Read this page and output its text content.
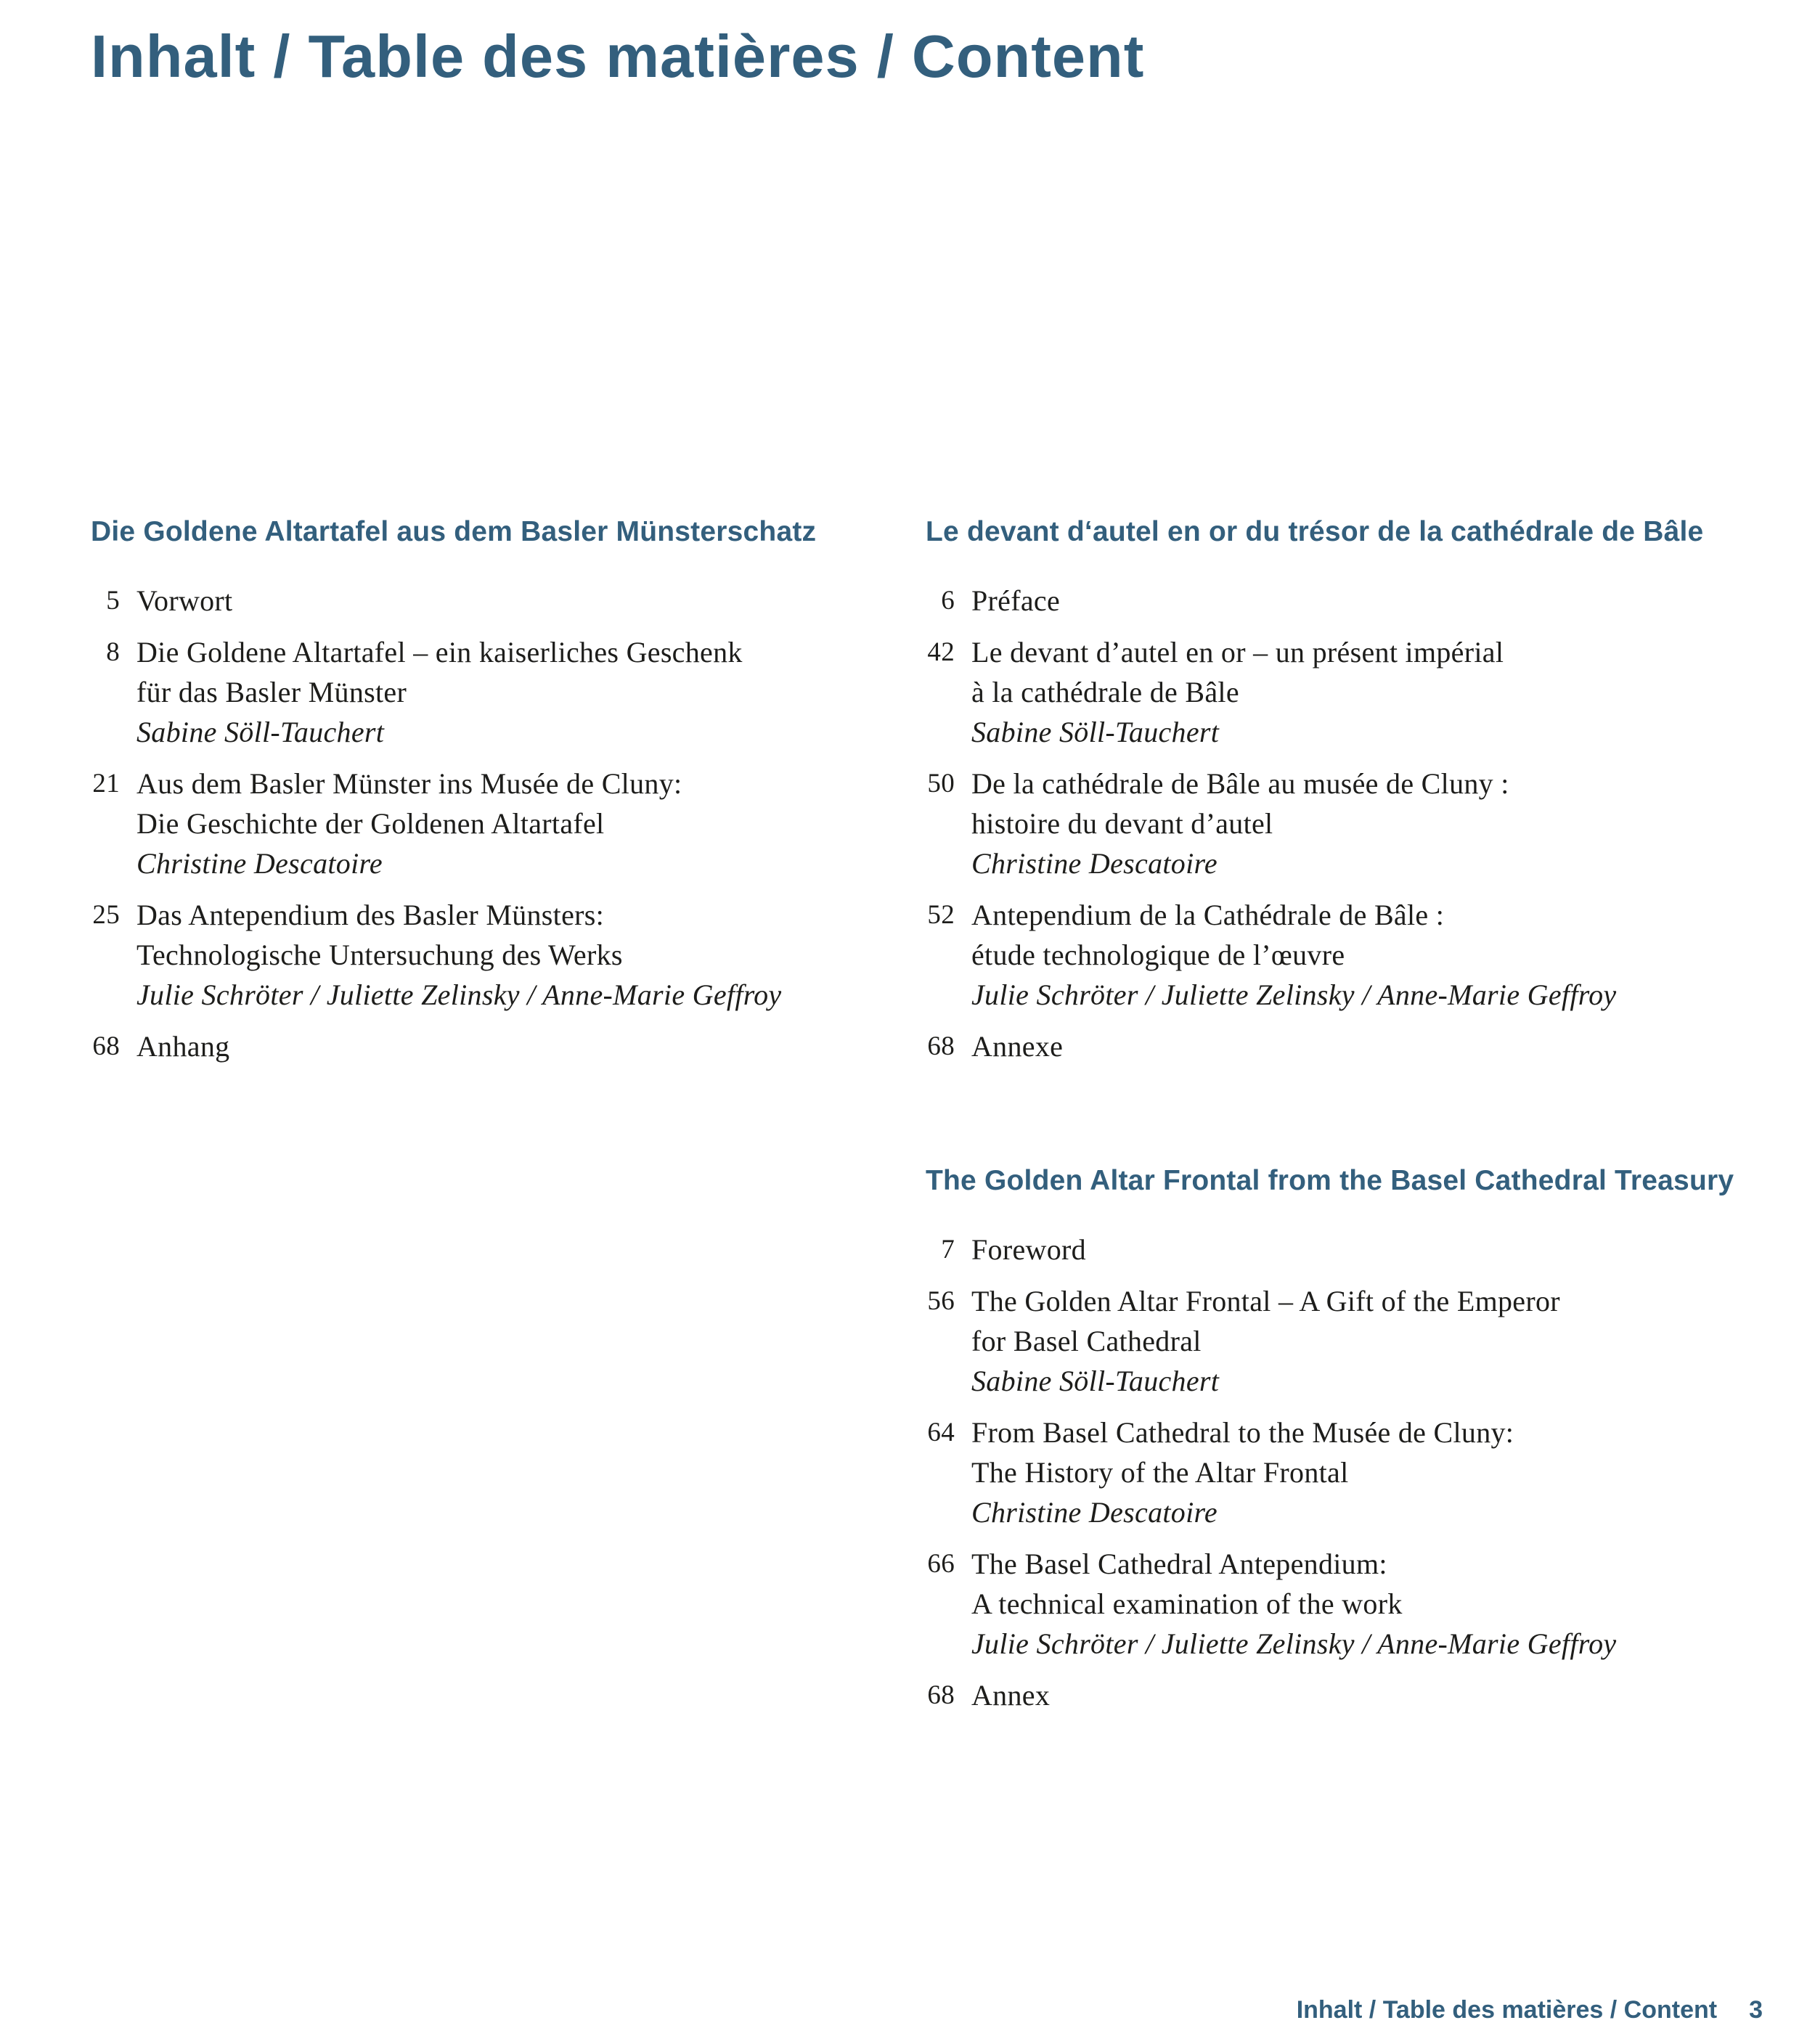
Inhalt / Table des matières / Content
Die Goldene Altartafel aus dem Basler Münsterschatz
5 Vorwort
8 Die Goldene Altartafel – ein kaiserliches Geschenk
für das Basler Münster
Sabine Söll-Tauchert
21 Aus dem Basler Münster ins Musée de Cluny:
Die Geschichte der Goldenen Altartafel
Christine Descatoire
25 Das Antependium des Basler Münsters:
Technologische Untersuchung des Werks
Julie Schröter / Juliette Zelinsky / Anne-Marie Geffroy
68 Anhang
Le devant d‘autel en or du trésor de la cathédrale de Bâle
6 Préface
42 Le devant d’autel en or – un présent impérial
à la cathédrale de Bâle
Sabine Söll-Tauchert
50 De la cathédrale de Bâle au musée de Cluny :
histoire du devant d’autel
Christine Descatoire
52 Antependium de la Cathédrale de Bâle :
étude technologique de l’œuvre
Julie Schröter / Juliette Zelinsky / Anne-Marie Geffroy
68 Annexe
The Golden Altar Frontal from the Basel Cathedral Treasury
7 Foreword
56 The Golden Altar Frontal – A Gift of the Emperor
for Basel Cathedral
Sabine Söll-Tauchert
64 From Basel Cathedral to the Musée de Cluny:
The History of the Altar Frontal
Christine Descatoire
66 The Basel Cathedral Antependium:
A technical examination of the work
Julie Schröter / Juliette Zelinsky / Anne-Marie Geffroy
68 Annex
Inhalt / Table des matières / Content 3
